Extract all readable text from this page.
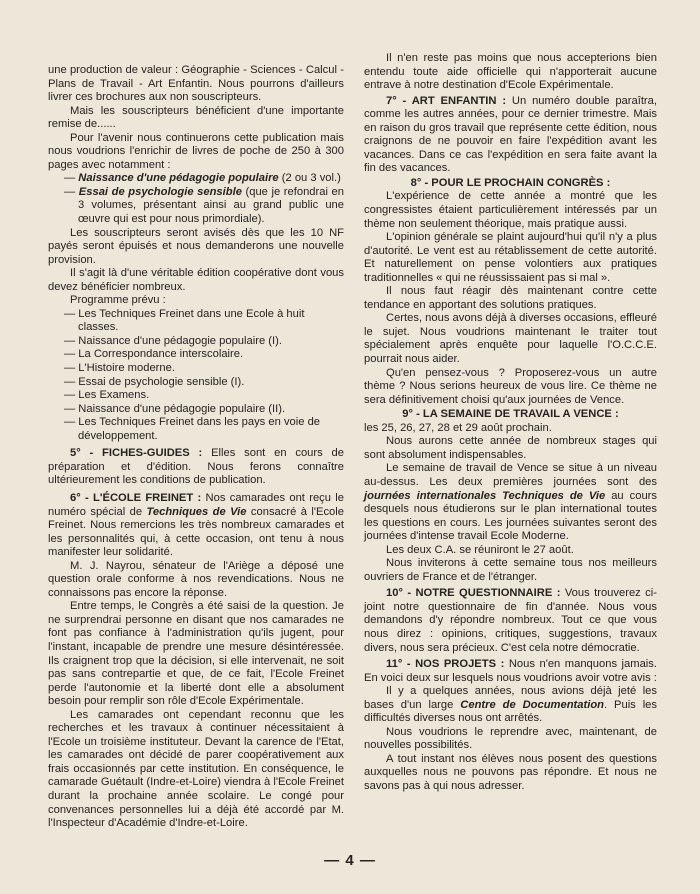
une production de valeur : Géographie - Sciences - Calcul - Plans de Travail - Art Enfantin. Nous pourrons d'ailleurs livrer ces brochures aux non souscripteurs.

Mais les souscripteurs bénéficient d'une importante remise de......

Pour l'avenir nous continuerons cette publication mais nous voudrions l'enrichir de livres de poche de 250 à 300 pages avec notamment :

— Naissance d'une pédagogie populaire (2 ou 3 vol.)

— Essai de psychologie sensible (que je refondrai en 3 volumes, présentant ainsi au grand public une œuvre qui est pour nous primordiale).

Les souscripteurs seront avisés dès que les 10 NF payés seront épuisés et nous demanderons une nouvelle provision.

Il s'agit là d'une véritable édition coopérative dont vous devez bénéficier nombreux.

Programme prévu :

— Les Techniques Freinet dans une Ecole à huit classes.

— Naissance d'une pédagogie populaire (I).

— La Correspondance interscolaire.

— L'Histoire moderne.

— Essai de psychologie sensible (I).

— Les Examens.

— Naissance d'une pédagogie populaire (II).

— Les Techniques Freinet dans les pays en voie de développement.

5° - FICHES-GUIDES : Elles sont en cours de préparation et d'édition. Nous ferons connaître ultérieurement les conditions de publication.

6° - L'ÉCOLE FREINET : Nos camarades ont reçu le numéro spécial de Techniques de Vie consacré à l'Ecole Freinet. Nous remercions les très nombreux camarades et les personnalités qui, à cette occasion, ont tenu à nous manifester leur solidarité.

M. J. Nayrou, sénateur de l'Ariège a déposé une question orale conforme à nos revendications. Nous ne connaissons pas encore la réponse.

Entre temps, le Congrès a été saisi de la question. Je ne surprendrai personne en disant que nos camarades ne font pas confiance à l'administration qu'ils jugent, pour l'instant, incapable de prendre une mesure désintéressée. Ils craignent trop que la décision, si elle intervenait, ne soit pas sans contrepartie et que, de ce fait, l'Ecole Freinet perde l'autonomie et la liberté dont elle a absolument besoin pour remplir son rôle d'Ecole Expérimentale.

Les camarades ont cependant reconnu que les recherches et les travaux à continuer nécessitaient à l'Ecole un troisième instituteur. Devant la carence de l'Etat, les camarades ont décidé de parer coopérativement aux frais occasionnés par cette institution. En conséquence, le camarade Guétault (Indre-et-Loire) viendra à l'Ecole Freinet durant la prochaine année scolaire. Le congé pour convenances personnelles lui a déjà été accordé par M. l'Inspecteur d'Académie d'Indre-et-Loire.

Il n'en reste pas moins que nous accepterions bien entendu toute aide officielle qui n'apporterait aucune entrave à notre destination d'Ecole Expérimentale.

7° - ART ENFANTIN : Un numéro double paraîtra, comme les autres années, pour ce dernier trimestre. Mais en raison du gros travail que représente cette édition, nous craignons de ne pouvoir en faire l'expédition avant les vacances. Dans ce cas l'expédition en sera faite avant la fin des vacances.

8° - POUR LE PROCHAIN CONGRÈS :

L'expérience de cette année a montré que les congressistes étaient particulièrement intéressés par un thème non seulement théorique, mais pratique aussi.

L'opinion générale se plaint aujourd'hui qu'il n'y a plus d'autorité. Le vent est au rétablissement de cette autorité. Et naturellement on pense volontiers aux pratiques traditionnelles « qui ne réussissaient pas si mal ».

Il nous faut réagir dès maintenant contre cette tendance en apportant des solutions pratiques.

Certes, nous avons déjà à diverses occasions, effleuré le sujet. Nous voudrions maintenant le traiter tout spécialement après enquête pour laquelle l'O.C.C.E. pourrait nous aider.

Qu'en pensez-vous ? Proposerez-vous un autre thème ? Nous serions heureux de vous lire. Ce thème ne sera définitivement choisi qu'aux journées de Vence.

9° - LA SEMAINE DE TRAVAIL A VENCE :

les 25, 26, 27, 28 et 29 août prochain.

Nous aurons cette année de nombreux stages qui sont absolument indispensables.

Le semaine de travail de Vence se situe à un niveau au-dessus. Les deux premières journées sont des journées internationales Techniques de Vie au cours desquels nous étudierons sur le plan international toutes les questions en cours. Les journées suivantes seront des journées d'intense travail Ecole Moderne.

Les deux C.A. se réuniront le 27 août.

Nous inviterons à cette semaine tous nos meilleurs ouvriers de France et de l'étranger.

10° - NOTRE QUESTIONNAIRE : Vous trouverez ci-joint notre questionnaire de fin d'année. Nous vous demandons d'y répondre nombreux. Tout ce que vous nous direz : opinions, critiques, suggestions, travaux divers, nous sera précieux. C'est cela notre démocratie.

11° - NOS PROJETS : Nous n'en manquons jamais. En voici deux sur lesquels nous voudrions avoir votre avis :

Il y a quelques années, nous avions déjà jeté les bases d'un large Centre de Documentation. Puis les difficultés diverses nous ont arrêtés.

Nous voudrions le reprendre avec, maintenant, de nouvelles possibilités.

A tout instant nos élèves nous posent des questions auxquelles nous ne pouvons pas répondre. Et nous ne savons pas à qui nous adresser.

— 4 —
